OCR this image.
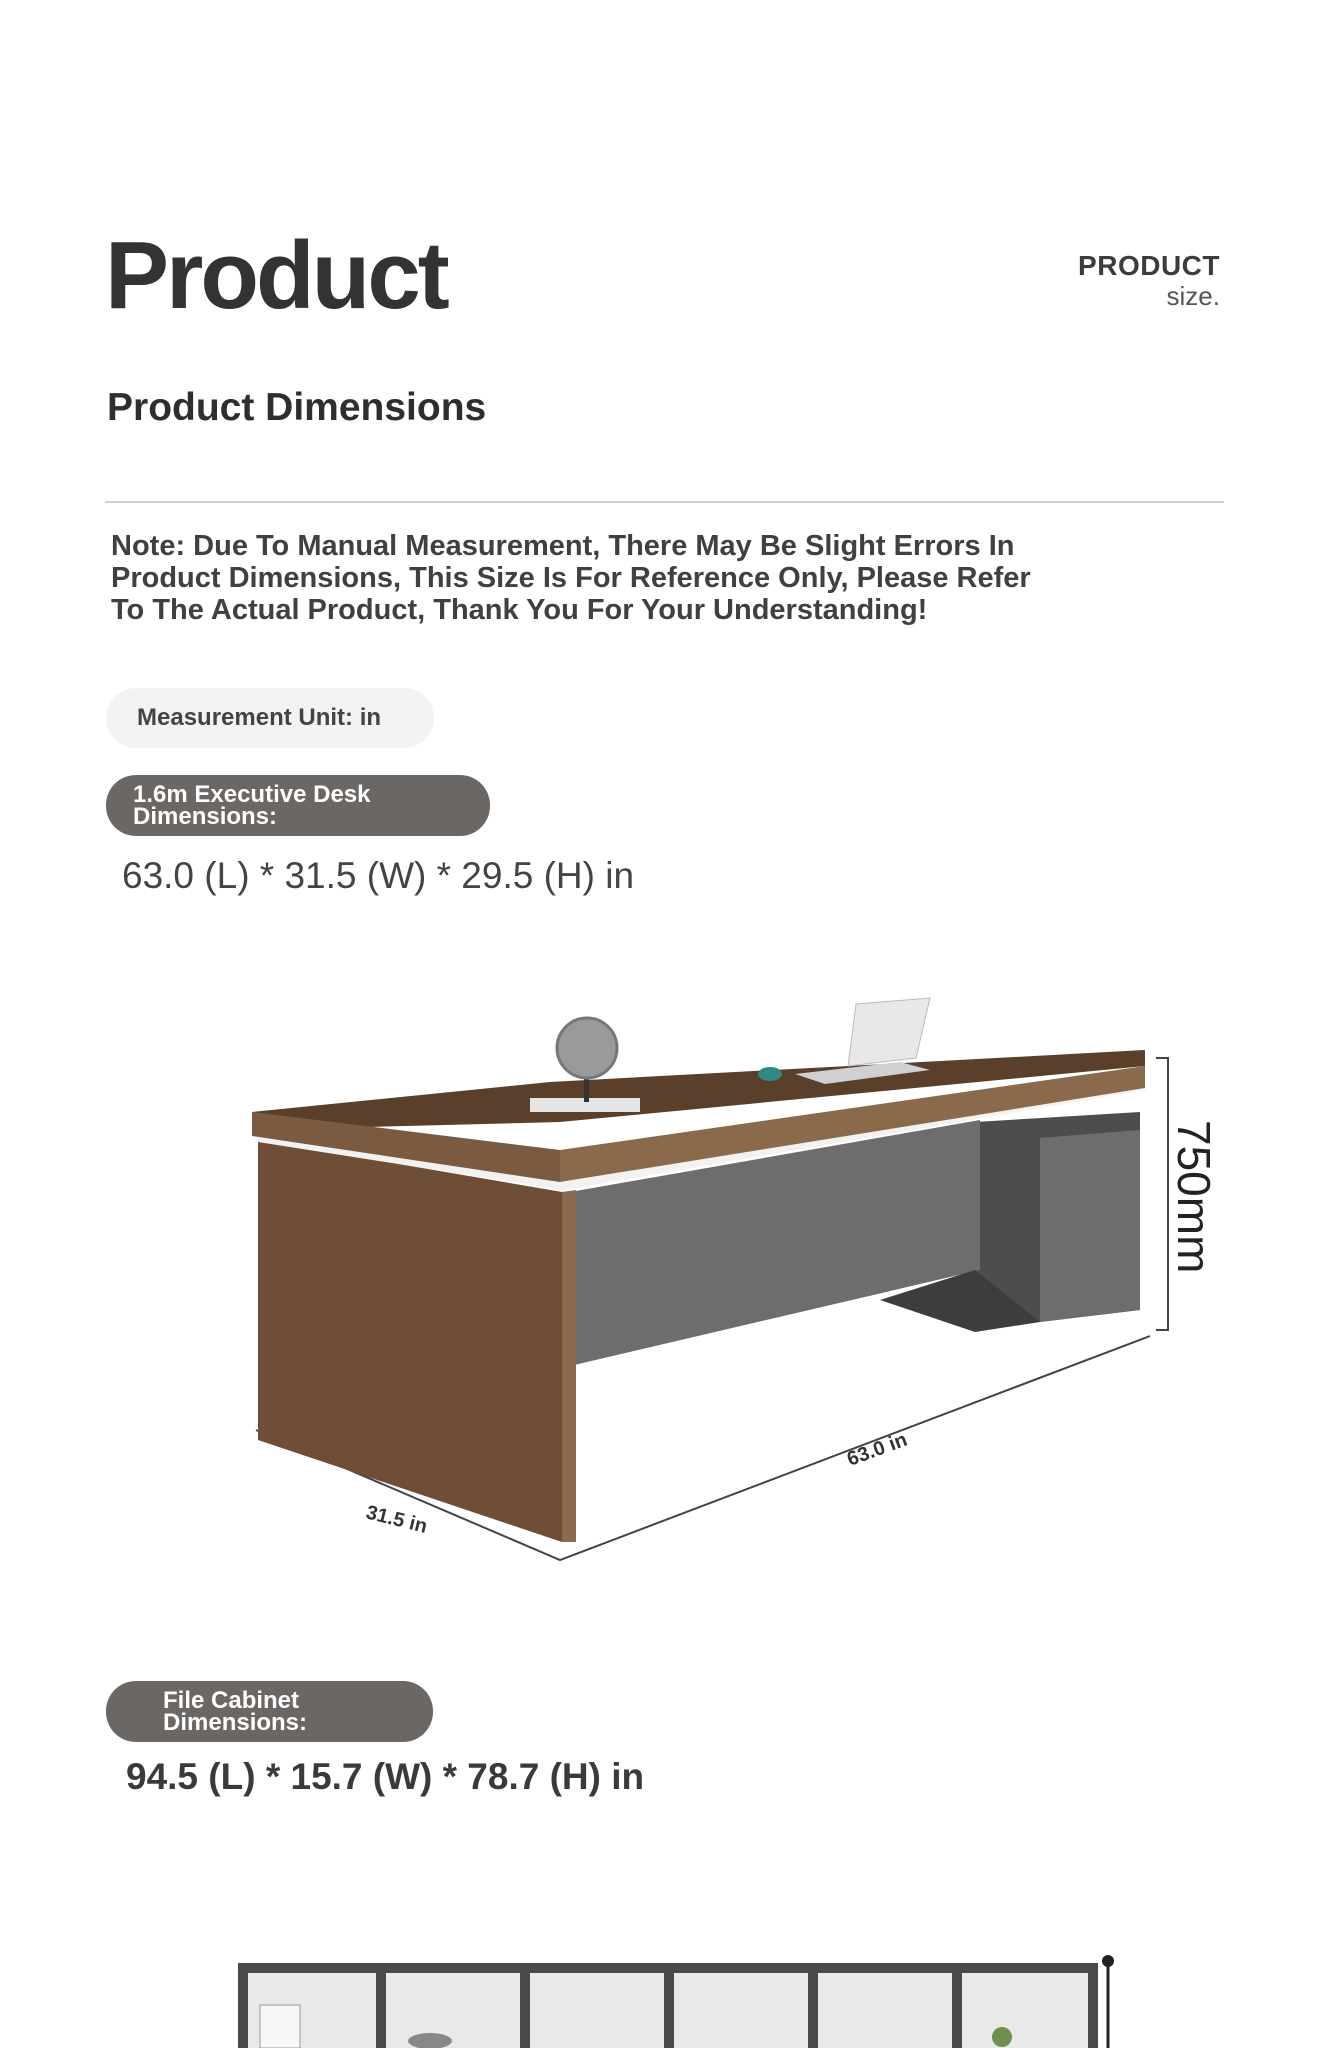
Product	PRODUCT
size.
Product Dimensions
Note: Due To Manual Measurement, There May Be Slight Errors In Product Dimensions, This Size Is For Reference Only, Please Refer To The Actual Product, Thank You For Your Understanding!
Measurement Unit: in
1.6m Executive Desk
Dimensions:
63.0 (L) * 31.5 (W) * 29.5 (H) in
63.0 in
31.5 in
750mm
File Cabinet
Dimensions:
94.5 (L) * 15.7 (W) * 78.7 (H) in
